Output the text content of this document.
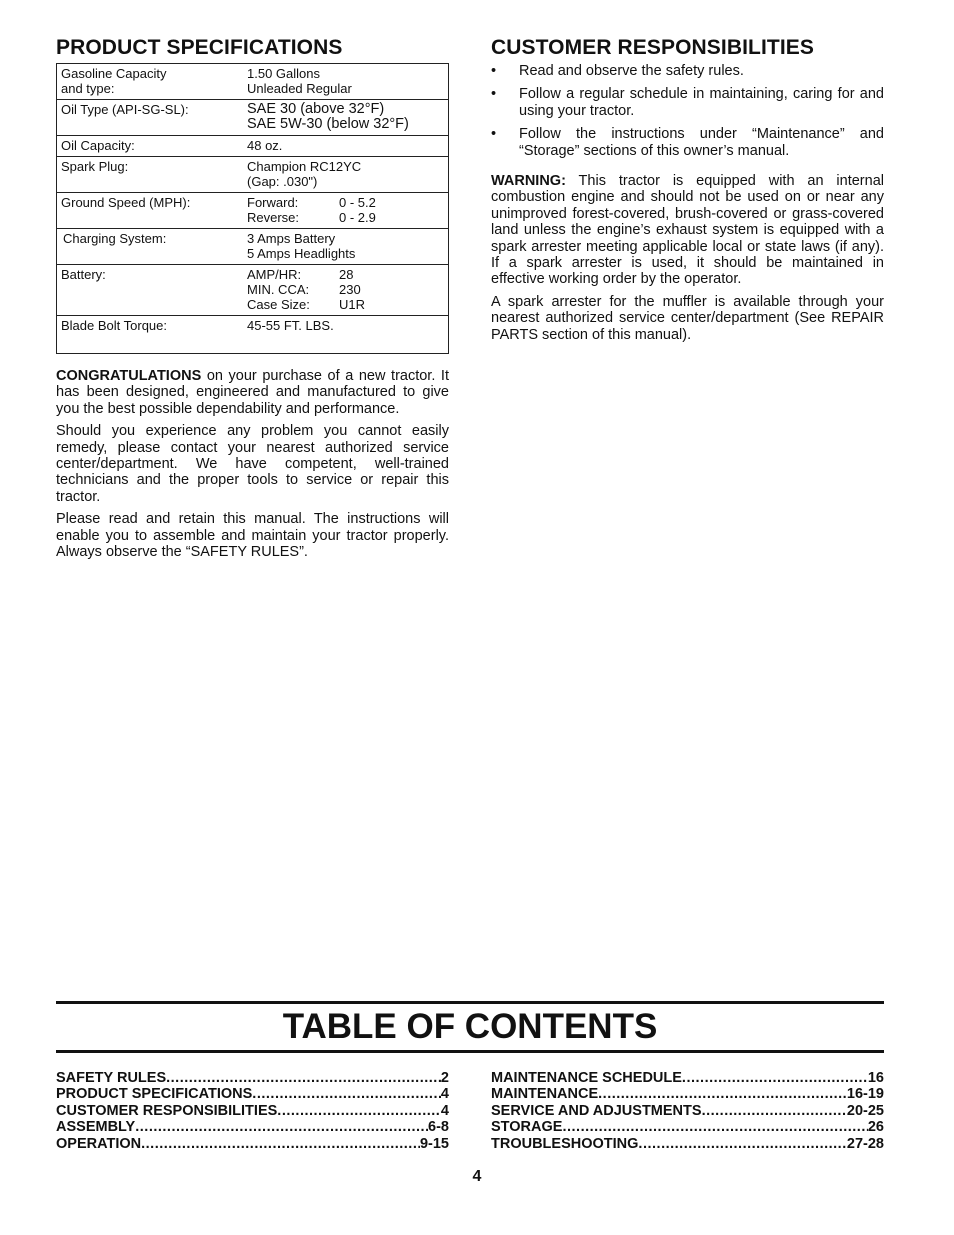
PRODUCT SPECIFICATIONS
Gasoline Capacity
and type:	1.50 Gallons
Unleaded Regular

Oil Type (API-SG-SL):	SAE 30 (above 32°F)
SAE 5W-30 (below 32°F)

Oil Capacity:	48 oz.

Spark Plug:	Champion RC12YC
(Gap: .030")

Ground Speed (MPH):	Forward: 0 - 5.2
Reverse: 0 - 2.9

Charging System:	3 Amps Battery
5 Amps Headlights

Battery:	AMP/HR: 28
MIN. CCA: 230
Case Size: U1R

Blade Bolt Torque:	45-55 FT. LBS.

CONGRATULATIONS on your purchase of a new tractor. It has been designed, engineered and manufactured to give you the best possible dependability and performance.

Should you experience any problem you cannot easily remedy, please contact your nearest authorized service center/department. We have competent, well-trained technicians and the proper tools to service or repair this tractor.

Please read and retain this manual. The instructions will enable you to assemble and maintain your tractor properly. Always observe the “SAFETY RULES”.

CUSTOMER RESPONSIBILITIES
• Read and observe the safety rules.
• Follow a regular schedule in maintaining, caring for and using your tractor.
• Follow the instructions under “Maintenance” and “Storage” sections of this owner’s manual.

WARNING: This tractor is equipped with an internal combustion engine and should not be used on or near any unimproved forest-covered, brush-covered or grass-covered land unless the engine’s exhaust system is equipped with a spark arrester meeting applicable local or state laws (if any). If a spark arrester is used, it should be maintained in effective working order by the operator.

A spark arrester for the muffler is available through your nearest authorized service center/department (See REPAIR PARTS section of this manual).

TABLE OF CONTENTS
SAFETY RULES .....	2
PRODUCT SPECIFICATIONS .....	4
CUSTOMER RESPONSIBILITIES .....	4
ASSEMBLY .....	6-8
OPERATION .....	9-15
MAINTENANCE SCHEDULE .....	16
MAINTENANCE .....	16-19
SERVICE AND ADJUSTMENTS .....	20-25
STORAGE .....	26
TROUBLESHOOTING .....	27-28
4
